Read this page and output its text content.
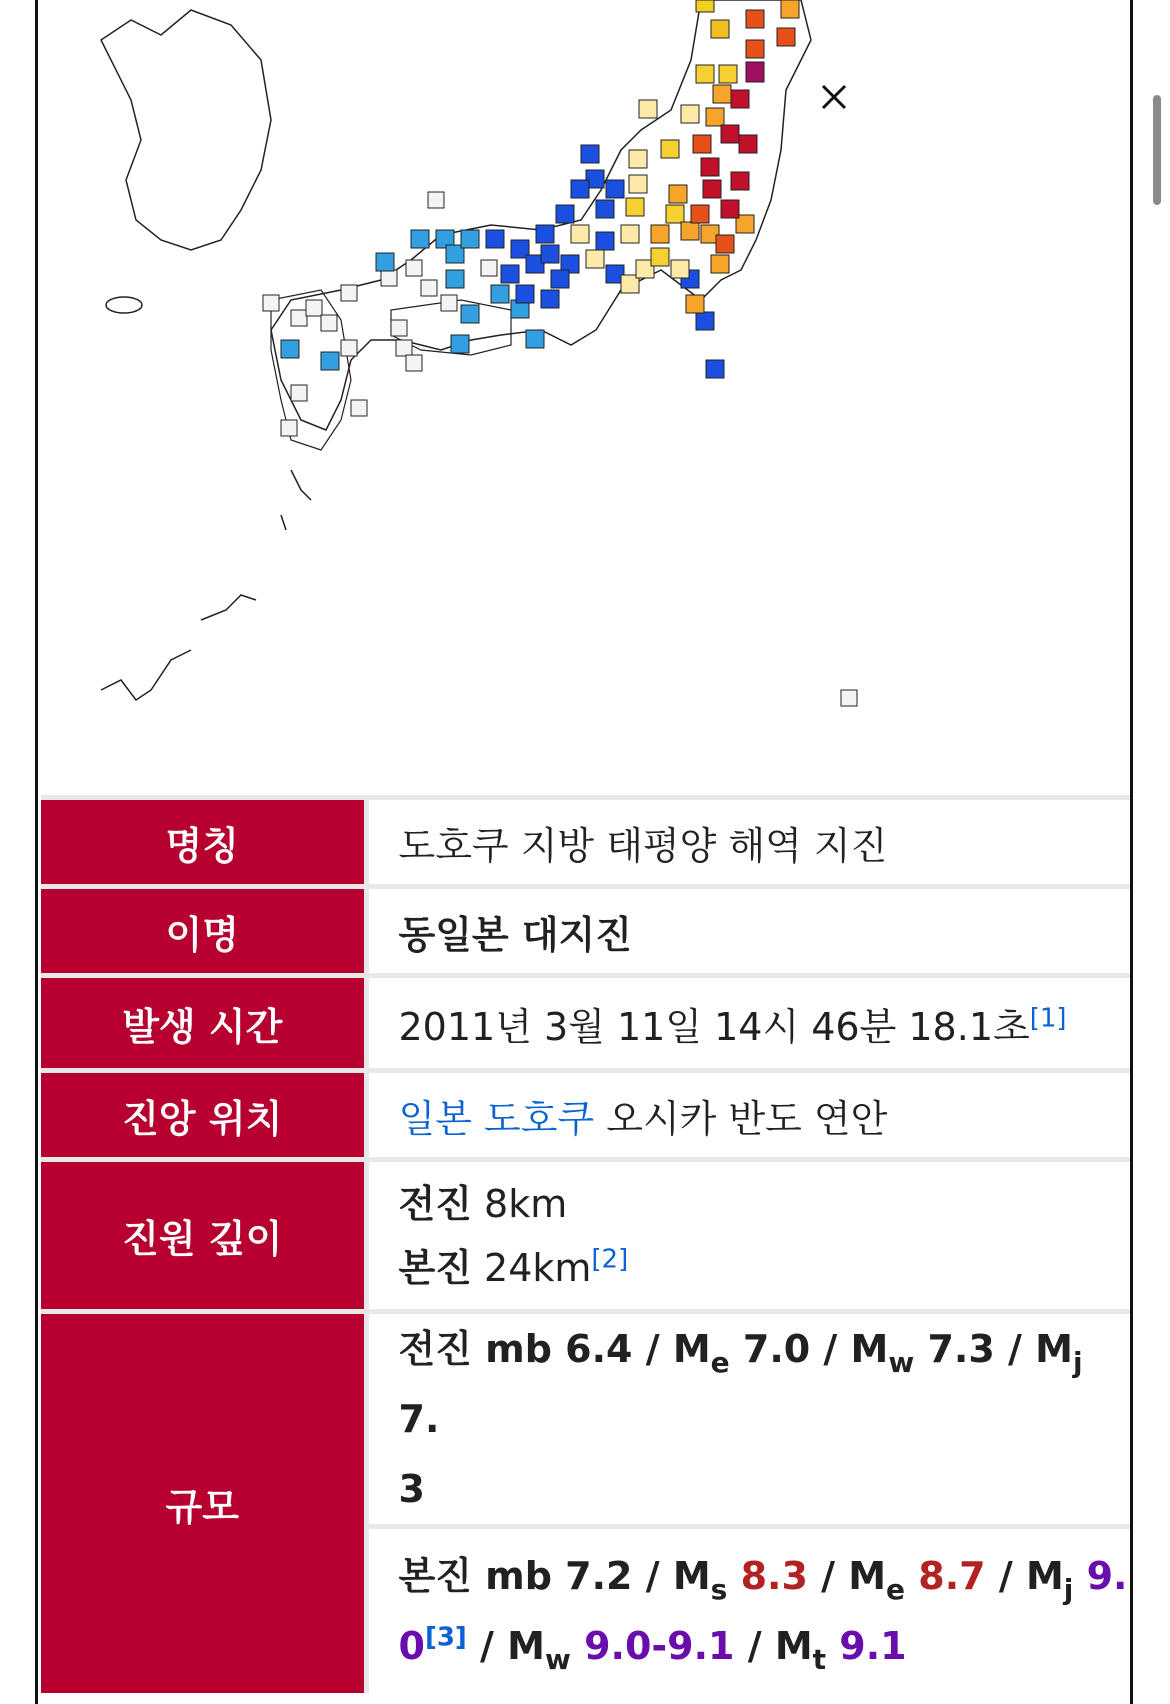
명칭	도호쿠 지방 태평양 해역 지진
이명	동일본 대지진
발생 시간	2011년 3월 11일 14시 46분 18.1초[1]
진앙 위치	일본 도호쿠 오시카 반도 연안
진원 깊이	전진 8km
본진 24km[2]

규모	전진 mb $6.4 / M_e$ $7.0 / M_w$ $7.3 / M_j$ 7.
3
	본진 mb $7.2 / M_s$ $8.3 / M_e$ $8.7 / M_j$ 9.
$0[3] / M_w$ $9.0-9.1 / M_t$ 9.1
